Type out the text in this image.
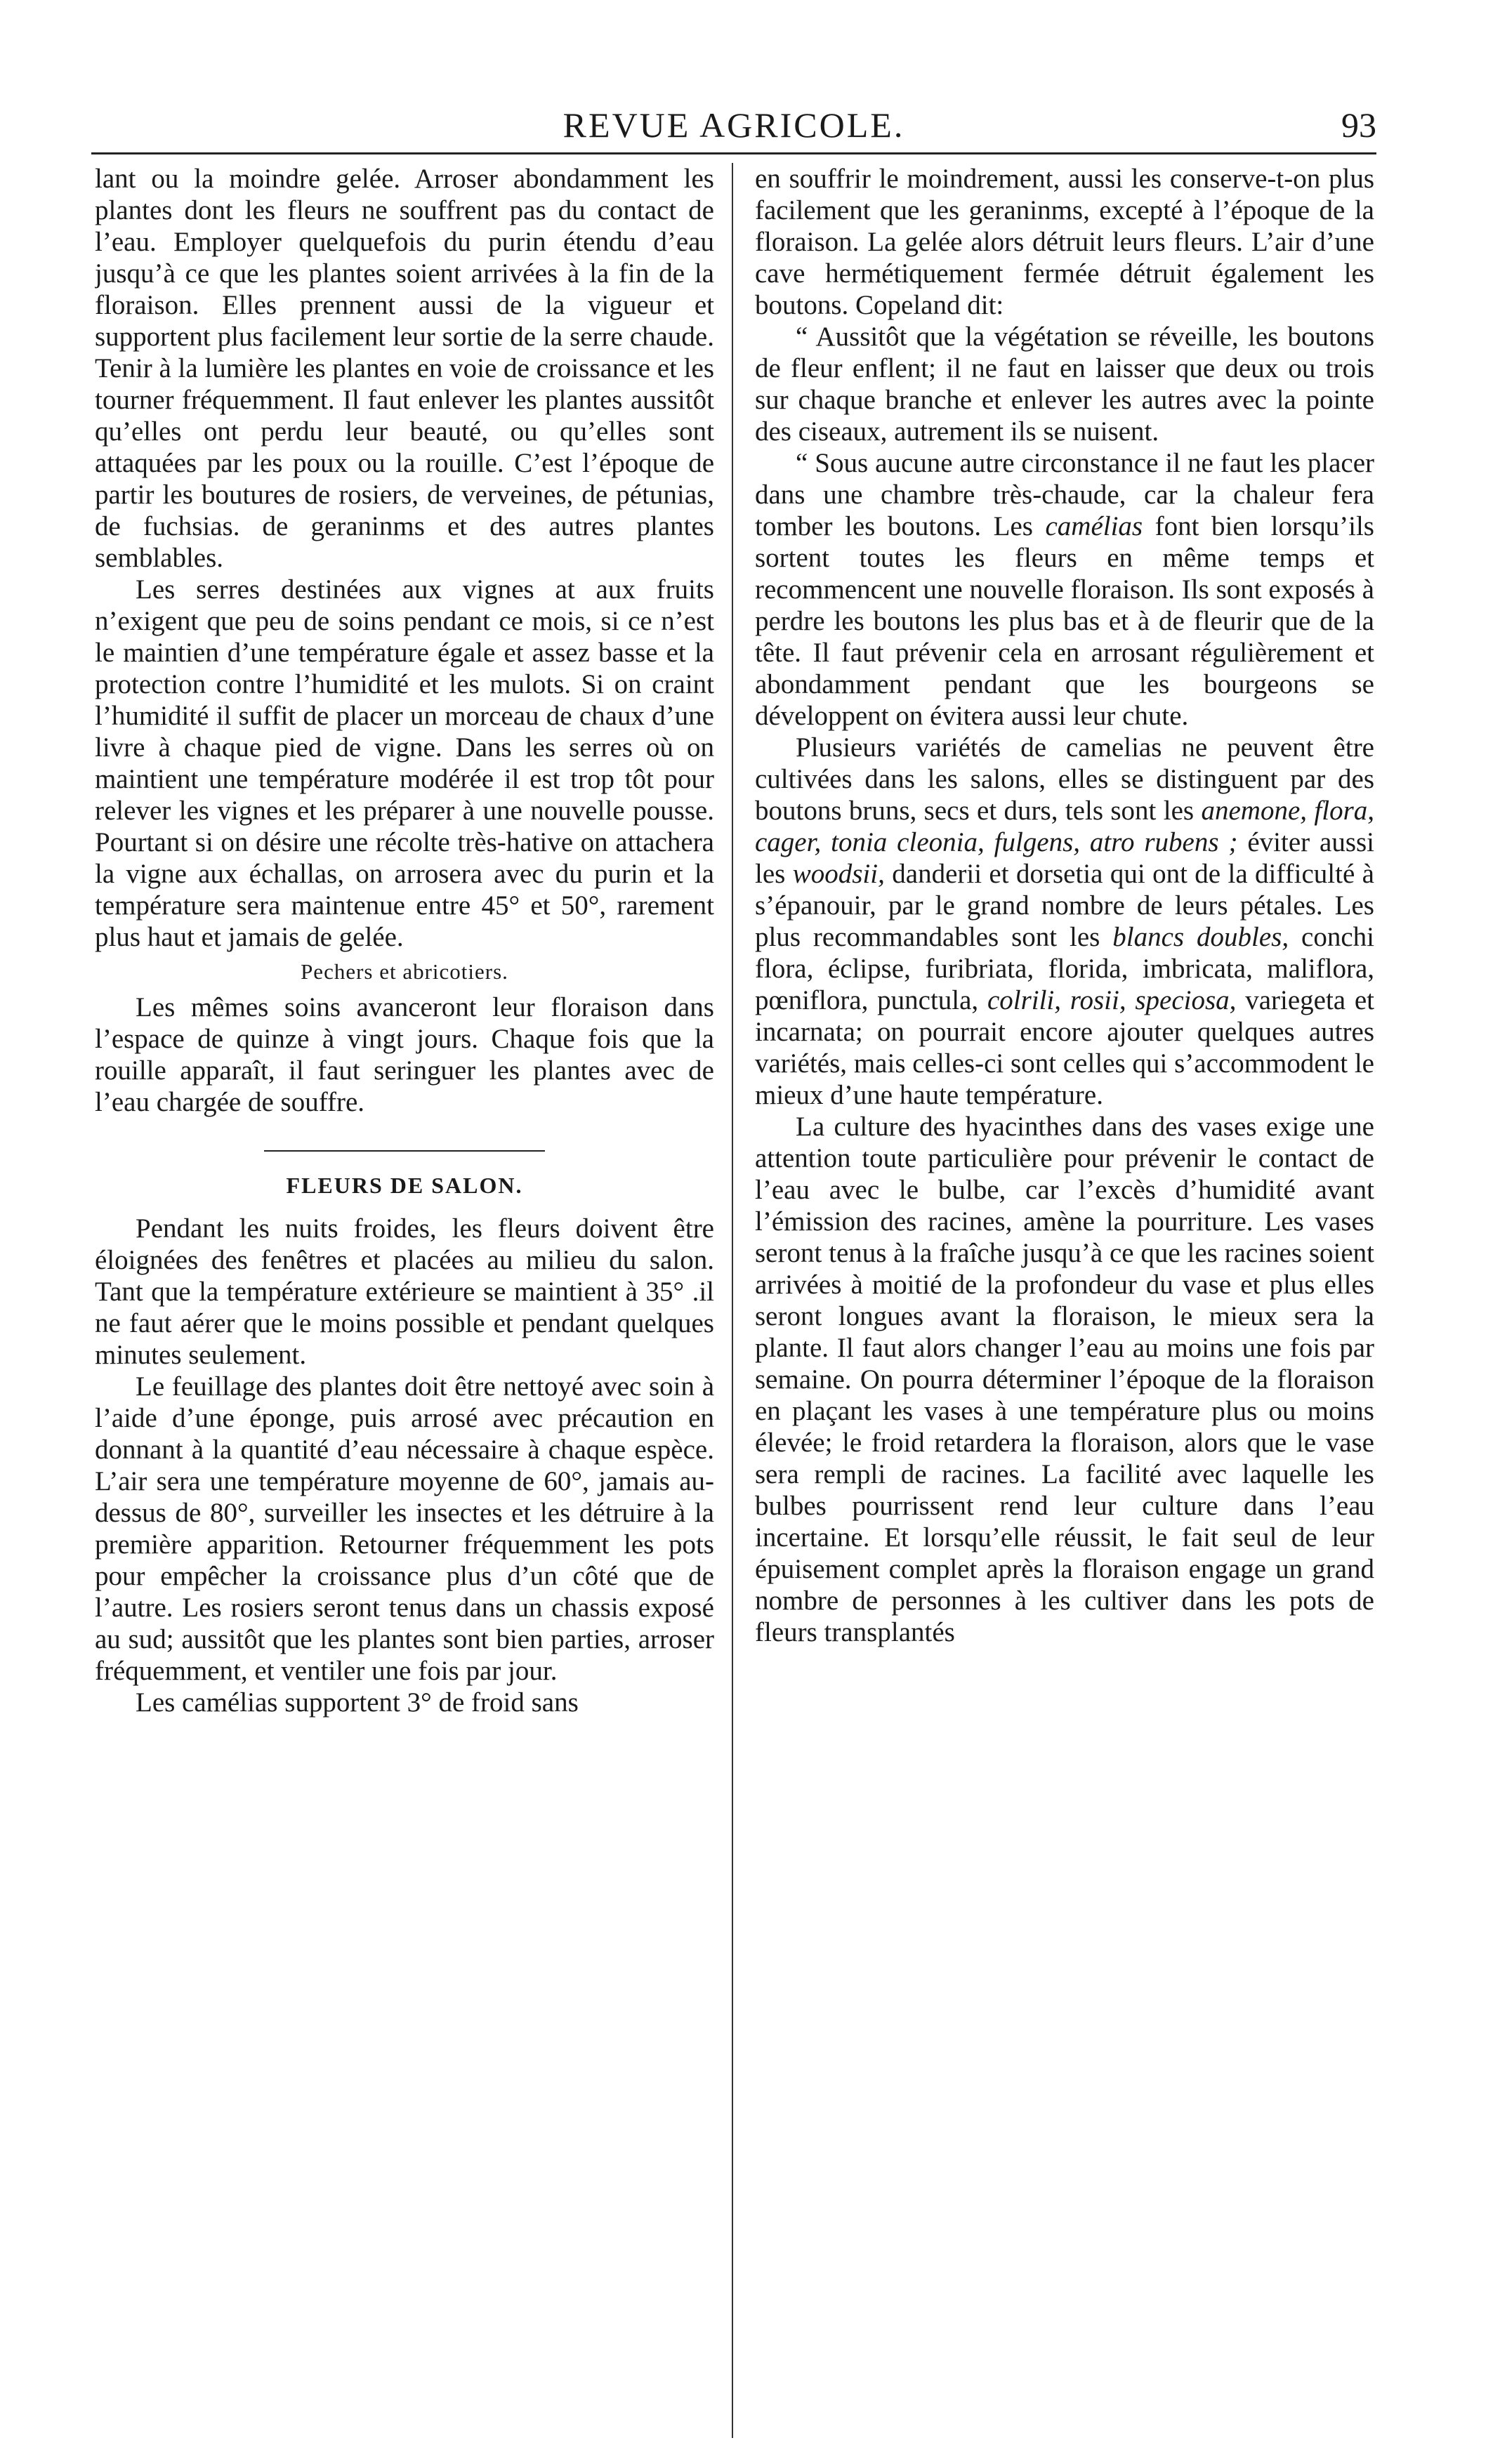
REVUE AGRICOLE.	93

lant ou la moindre gelée. Arroser abondamment les plantes dont les fleurs ne souffrent pas du contact de l’eau. Employer quelquefois du purin étendu d’eau jusqu’à ce que les plantes soient arrivées à la fin de la floraison. Elles prennent aussi de la vigueur et supportent plus facilement leur sortie de la serre chaude. Tenir à la lumière les plantes en voie de croissance et les tourner fréquemment. Il faut enlever les plantes aussitôt qu’elles ont perdu leur beauté, ou qu’elles sont attaquées par les poux ou la rouille. C’est l’époque de partir les boutures de rosiers, de verveines, de pétunias, de fuchsias. de geraninms et des autres plantes semblables.

Les serres destinées aux vignes at aux fruits n’exigent que peu de soins pendant ce mois, si ce n’est le maintien d’une température égale et assez basse et la protection contre l’humidité et les mulots. Si on craint l’humidité il suffit de placer un morceau de chaux d’une livre à chaque pied de vigne. Dans les serres où on maintient une température modérée il est trop tôt pour relever les vignes et les préparer à une nouvelle pousse. Pourtant si on désire une récolte très-hative on attachera la vigne aux échallas, on arrosera avec du purin et la température sera maintenue entre 45° et 50°, rarement plus haut et jamais de gelée.

Pechers et abricotiers.

Les mêmes soins avanceront leur floraison dans l’espace de quinze à vingt jours. Chaque fois que la rouille apparaît, il faut seringuer les plantes avec de l’eau chargée de souffre.

FLEURS DE SALON.

Pendant les nuits froides, les fleurs doivent être éloignées des fenêtres et placées au milieu du salon. Tant que la température extérieure se maintient à 35° .il ne faut aérer que le moins possible et pendant quelques minutes seulement.

Le feuillage des plantes doit être nettoyé avec soin à l’aide d’une éponge, puis arrosé avec précaution en donnant à la quantité d’eau nécessaire à chaque espèce. L’air sera une température moyenne de 60°, jamais au-dessus de 80°, surveiller les insectes et les détruire à la première apparition. Retourner fréquemment les pots pour empêcher la croissance plus d’un côté que de l’autre. Les rosiers seront tenus dans un chassis exposé au sud; aussitôt que les plantes sont bien parties, arroser fréquemment, et ventiler une fois par jour.

Les camélias supportent 3° de froid sans

en souffrir le moindrement, aussi les conserve-t-on plus facilement que les geraninms, excepté à l’époque de la floraison. La gelée alors détruit leurs fleurs. L’air d’une cave hermétiquement fermée détruit également les boutons. Copeland dit:

“ Aussitôt que la végétation se réveille, les boutons de fleur enflent; il ne faut en laisser que deux ou trois sur chaque branche et enlever les autres avec la pointe des ciseaux, autrement ils se nuisent.

“ Sous aucune autre circonstance il ne faut les placer dans une chambre très-chaude, car la chaleur fera tomber les boutons. Les camélias font bien lorsqu’ils sortent toutes les fleurs en même temps et recommencent une nouvelle floraison. Ils sont exposés à perdre les boutons les plus bas et à de fleurir que de la tête. Il faut prévenir cela en arrosant régulièrement et abondamment pendant que les bourgeons se développent on évitera aussi leur chute.

Plusieurs variétés de camelias ne peuvent être cultivées dans les salons, elles se distinguent par des boutons bruns, secs et durs, tels sont les anemone, flora, cager, tonia cleonia, fulgens, atro rubens ; éviter aussi les woodsii, danderii et dorsetia qui ont de la difficulté à s’épanouir, par le grand nombre de leurs pétales. Les plus recommandables sont les blancs doubles, conchi flora, éclipse, furibriata, florida, imbricata, maliflora, pœniflora, punctula, colrili, rosii, speciosa, variegeta et incarnata; on pourrait encore ajouter quelques autres variétés, mais celles-ci sont celles qui s’accommodent le mieux d’une haute température.

La culture des hyacinthes dans des vases exige une attention toute particulière pour prévenir le contact de l’eau avec le bulbe, car l’excès d’humidité avant l’émission des racines, amène la pourriture. Les vases seront tenus à la fraîche jusqu’à ce que les racines soient arrivées à moitié de la profondeur du vase et plus elles seront longues avant la floraison, le mieux sera la plante. Il faut alors changer l’eau au moins une fois par semaine. On pourra déterminer l’époque de la floraison en plaçant les vases à une température plus ou moins élevée; le froid retardera la floraison, alors que le vase sera rempli de racines. La facilité avec laquelle les bulbes pourrissent rend leur culture dans l’eau incertaine. Et lorsqu’elle réussit, le fait seul de leur épuisement complet après la floraison engage un grand nombre de personnes à les cultiver dans les pots de fleurs transplantés
